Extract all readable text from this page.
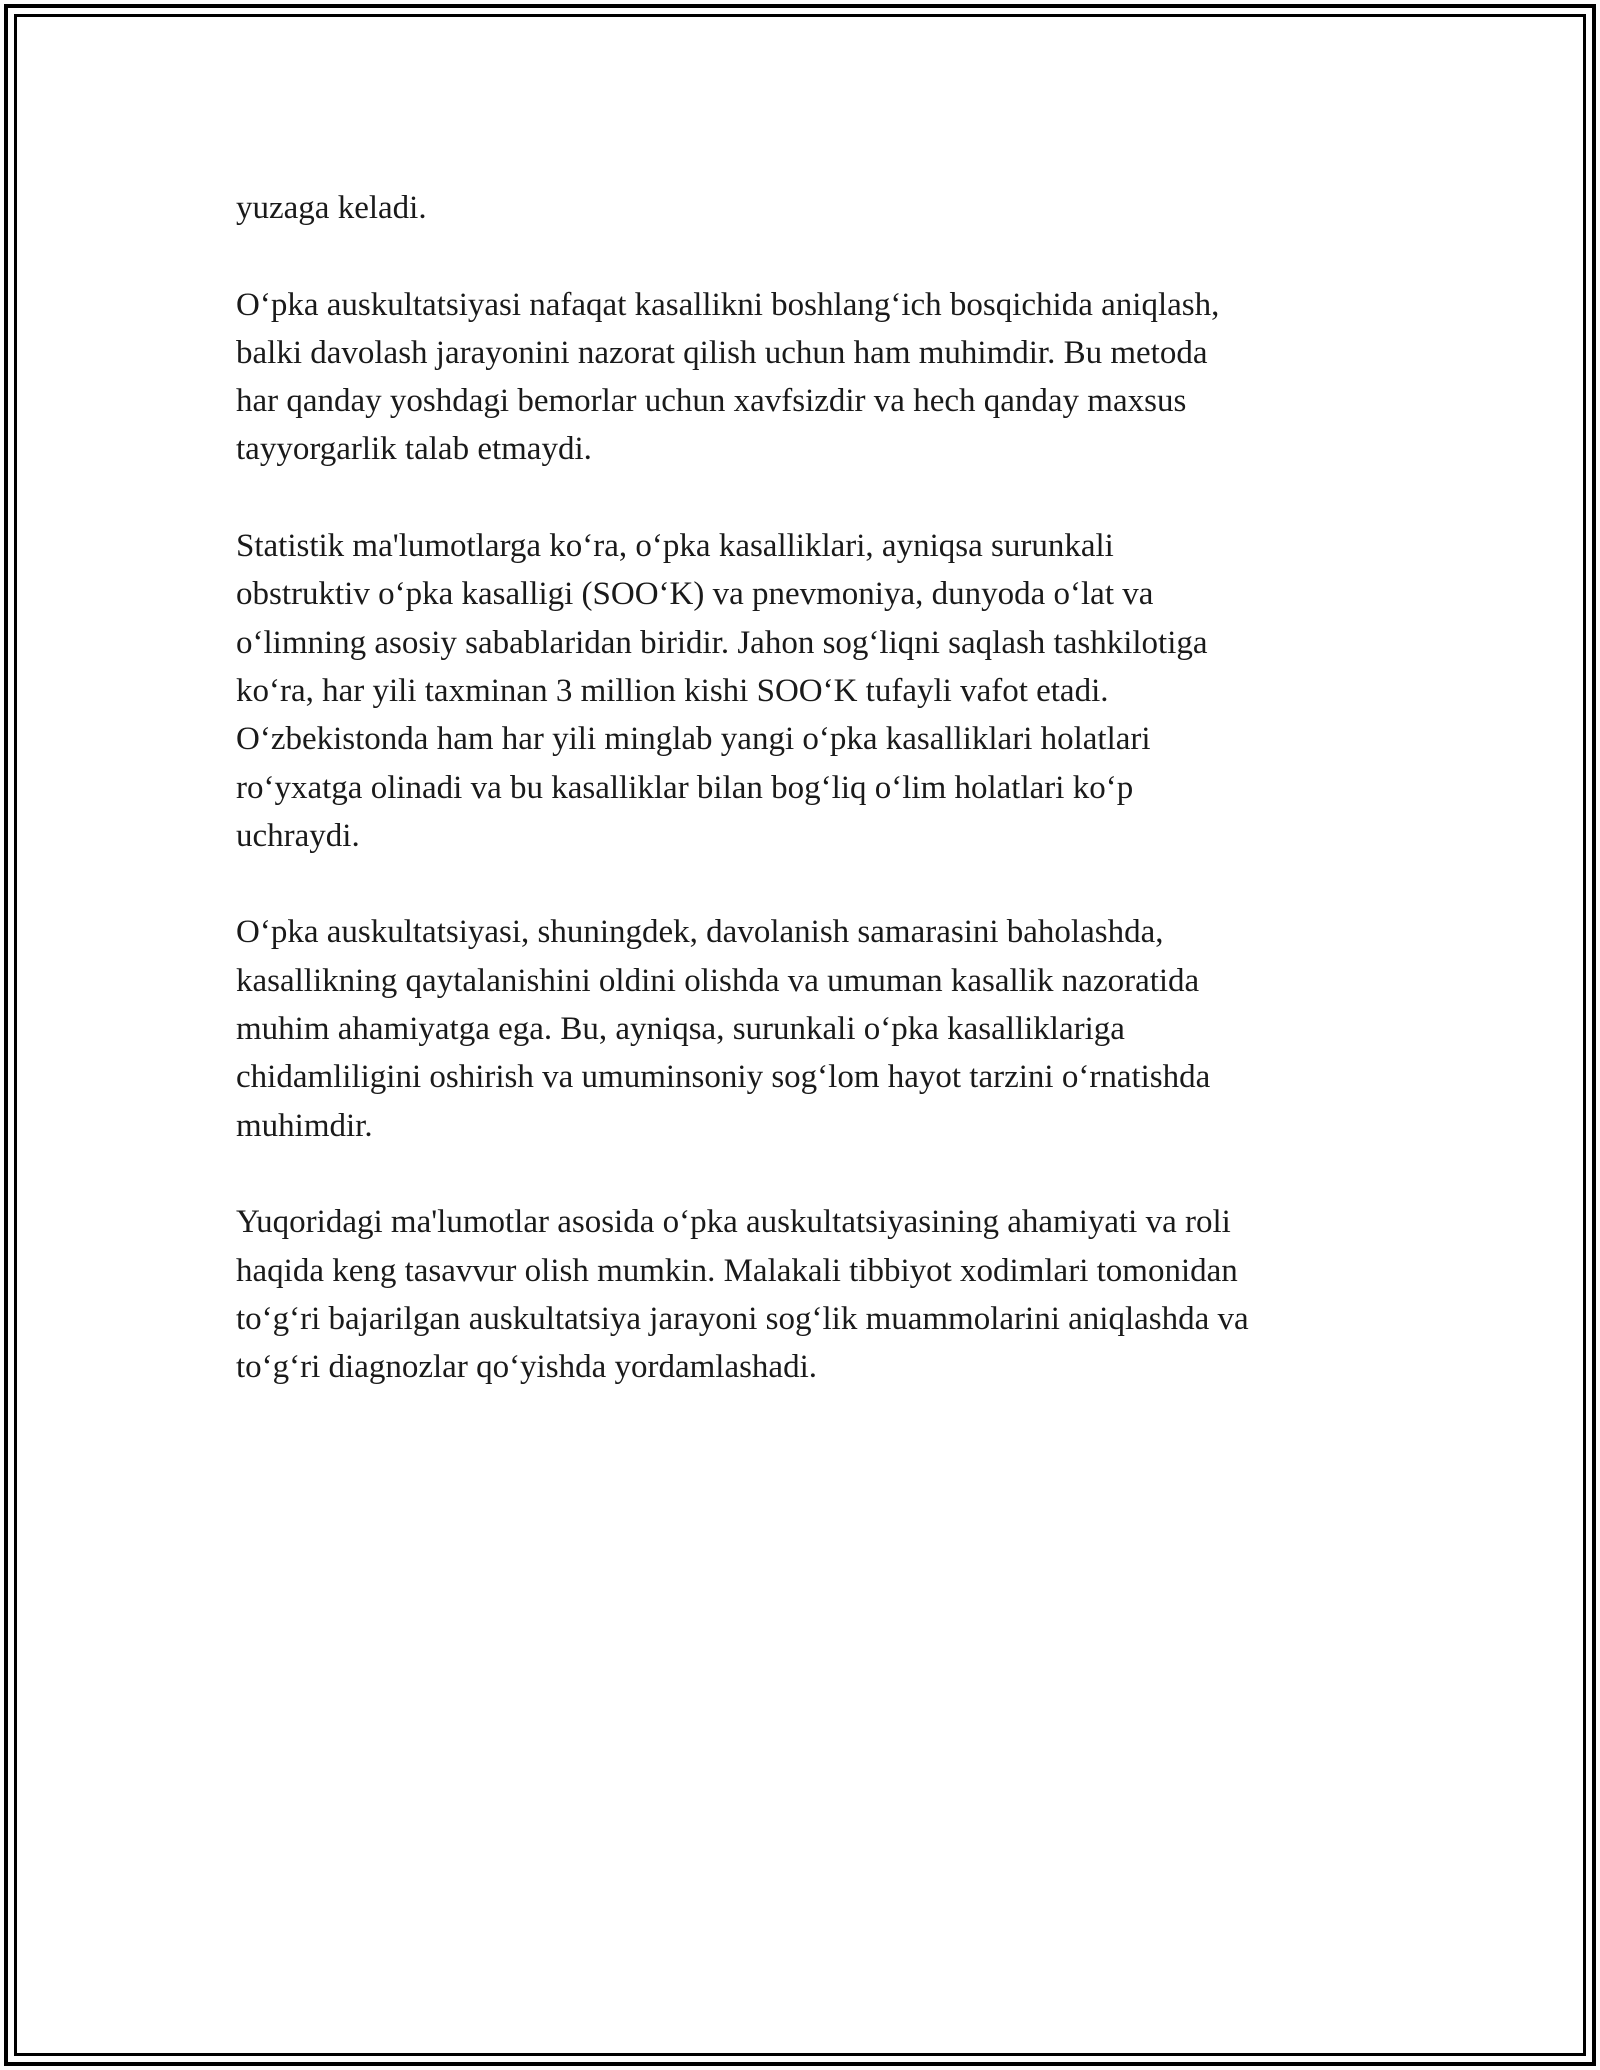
yuzaga keladi.

O‘pka auskultatsiyasi nafaqat kasallikni boshlang‘ich bosqichida aniqlash,
balki davolash jarayonini nazorat qilish uchun ham muhimdir. Bu metoda
har qanday yoshdagi bemorlar uchun xavfsizdir va hech qanday maxsus
tayyorgarlik talab etmaydi.

Statistik ma'lumotlarga ko‘ra, o‘pka kasalliklari, ayniqsa surunkali
obstruktiv o‘pka kasalligi (SOO‘K) va pnevmoniya, dunyoda o‘lat va
o‘limning asosiy sabablaridan biridir. Jahon sog‘liqni saqlash tashkilotiga
ko‘ra, har yili taxminan 3 million kishi SOO‘K tufayli vafot etadi.
O‘zbekistonda ham har yili minglab yangi o‘pka kasalliklari holatlari
ro‘yxatga olinadi va bu kasalliklar bilan bog‘liq o‘lim holatlari ko‘p
uchraydi.

O‘pka auskultatsiyasi, shuningdek, davolanish samarasini baholashda,
kasallikning qaytalanishini oldini olishda va umuman kasallik nazoratida
muhim ahamiyatga ega. Bu, ayniqsa, surunkali o‘pka kasalliklariga
chidamliligini oshirish va umuminsoniy sog‘lom hayot tarzini o‘rnatishda
muhimdir.

Yuqoridagi ma'lumotlar asosida o‘pka auskultatsiyasining ahamiyati va roli
haqida keng tasavvur olish mumkin. Malakali tibbiyot xodimlari tomonidan
to‘g‘ri bajarilgan auskultatsiya jarayoni sog‘lik muammolarini aniqlashda va
to‘g‘ri diagnozlar qo‘yishda yordamlashadi.
